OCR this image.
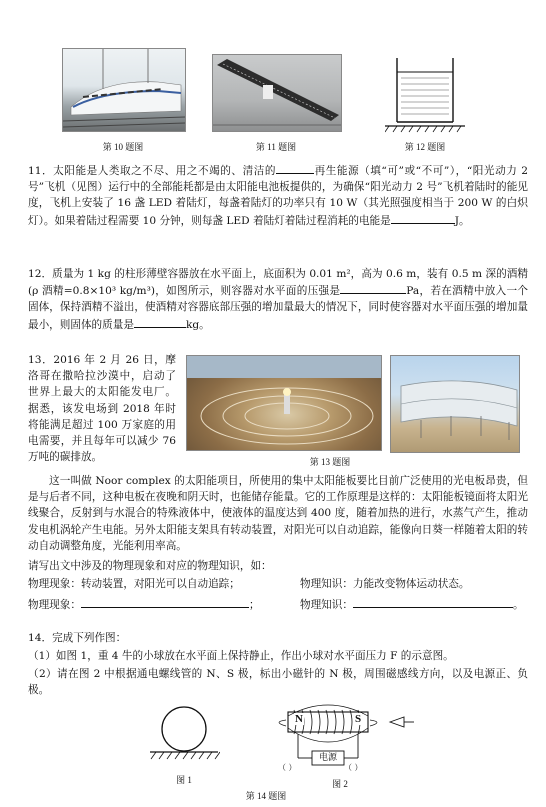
第 10 题图	第 11 题图	第 12 题图
11．太阳能是人类取之不尽、用之不竭的、清洁的	再生能源（填“可”或“不可”），“阳光动力 2 号”飞机（见图）运行中的全部能耗都是由太阳能电池板提供的，为确保“阳光动力 2 号”飞机着陆时的能见度，飞机上安装了 16 盏 LED 着陆灯，每盏着陆灯的功率只有 10 W（其光照强度相当于 200 W 的白炽灯）。如果着陆过程需要 10 分钟，则每盏 LED 着陆灯着陆过程消耗的电能是	J。
12．质量为 1 kg 的柱形薄壁容器放在水平面上，底面积为 0.01 m²，高为 0.6 m，装有 0.5 m 深的酒精(ρ 酒精=0.8×10³ kg/m³)，如图所示，则容器对水平面的压强是	Pa，若在酒精中放入一个固体，保持酒精不溢出，使酒精对容器底部压强的增加量最大的情况下，同时使容器对水平面压强的增加量最小，则固体的质量是	kg。
13．2016 年 2 月 26 日，摩洛哥在撒哈拉沙漠中，启动了世界上最大的太阳能发电厂。据悉，该发电场到 2018 年时将能满足超过 100 万家庭的用电需要，并且每年可以减少 76 万吨的碳排放。	第 13 题图
这一叫做 Noor complex 的太阳能项目，所使用的集中太阳能板要比目前广泛使用的光电板昂贵，但是与后者不同，这种电板在夜晚和阴天时，也能储存能量。它的工作原理是这样的：太阳能板镜面将太阳光线聚合，反射到与水混合的特殊液体中，使液体的温度达到 400 度，随着加热的进行，水蒸气产生，推动发电机涡轮产生电能。另外太阳能支架具有转动装置，对阳光可以自动追踪，能像向日葵一样随着太阳的转动自动调整角度，光能利用率高。
请写出文中涉及的物理现象和对应的物理知识，如：
物理现象：转动装置，对阳光可以自动追踪；	物理知识：力能改变物体运动状态。
物理现象：	；	物理知识：	。
14．完成下列作图：
（1）如图 1，重 4 牛的小球放在水平面上保持静止，作出小球对水平面压力 F 的示意图。
（2）请在图 2 中根据通电螺线管的 N、S 极，标出小磁针的 N 极，周围磁感线方向，以及电源正、负极。
图 1
N	S
电源
（ ）	（ ）
图 2
第 14 题图
